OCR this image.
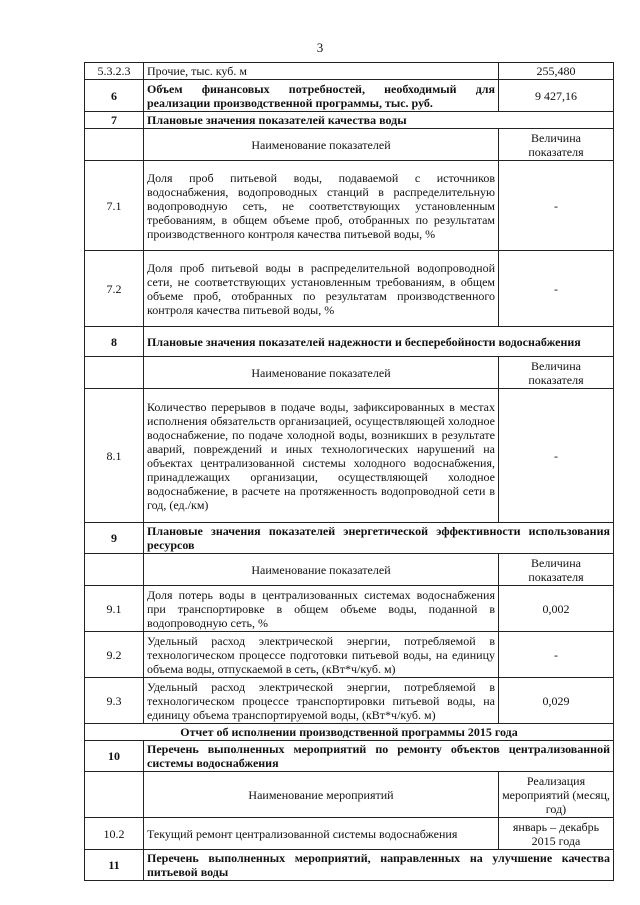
3
5.3.2.3	Прочие, тыс. куб. м	255,480
6	Объем финансовых потребностей, необходимый для реализации производственной программы, тыс. руб.	9 427,16
7	Плановые значения показателей качества воды	
	Наименование показателей	Величина показателя
7.1	Доля проб питьевой воды, подаваемой с источников водоснабжения, водопроводных станций в распределительную водопроводную сеть, не соответствующих установленным требованиям, в общем объеме проб, отобранных по результатам производственного контроля качества питьевой воды, %	-
7.2	Доля проб питьевой воды в распределительной водопроводной сети, не соответствующих установленным требованиям, в общем объеме проб, отобранных по результатам производственного контроля качества питьевой воды, %	-
8	Плановые значения показателей надежности и бесперебойности водоснабжения	
	Наименование показателей	Величина показателя
8.1	Количество перерывов в подаче воды, зафиксированных в местах исполнения обязательств организацией, осуществляющей холодное водоснабжение, по подаче холодной воды, возникших в результате аварий, повреждений и иных технологических нарушений на объектах централизованной системы холодного водоснабжения, принадлежащих организации, осуществляющей холодное водоснабжение, в расчете на протяженность водопроводной сети в год, (ед./км)	-
9	Плановые значения показателей энергетической эффективности использования ресурсов	
	Наименование показателей	Величина показателя
9.1	Доля потерь воды в централизованных системах водоснабжения при транспортировке в общем объеме воды, поданной в водопроводную сеть, %	0,002
9.2	Удельный расход электрической энергии, потребляемой в технологическом процессе подготовки питьевой воды, на единицу объема воды, отпускаемой в сеть, (кВт*ч/куб. м)	-
9.3	Удельный расход электрической энергии, потребляемой в технологическом процессе транспортировки питьевой воды, на единицу объема транспортируемой воды, (кВт*ч/куб. м)	0,029
Отчет об исполнении производственной программы 2015 года		
10	Перечень выполненных мероприятий по ремонту объектов централизованной системы водоснабжения	
	Наименование мероприятий	Реализация мероприятий (месяц, год)
10.2	Текущий ремонт централизованной системы водоснабжения	январь – декабрь 2015 года
11	Перечень выполненных мероприятий, направленных на улучшение качества питьевой воды	
